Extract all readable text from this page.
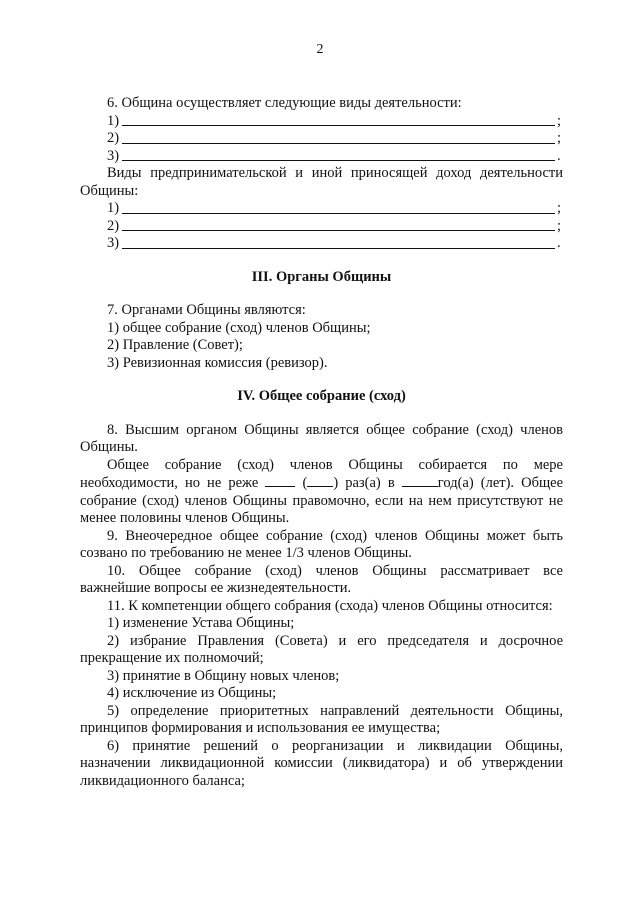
2

6. Община осуществляет следующие виды деятельности:

1)	;
2)	;
3)	.

Виды предпринимательской и иной приносящей доход деятельности Общины:

1)	;
2)	;
3)	.

III. Органы Общины

7. Органами Общины являются:

1) общее собрание (сход) членов Общины;

2) Правление (Совет);

3) Ревизионная комиссия (ревизор).

IV. Общее собрание (сход)

8. Высшим органом Общины является общее собрание (сход) членов Общины.

Общее собрание (сход) членов Общины собирается по мере необходимости, но не реже	( ) раз(а) в	год(а) (лет). Общее собрание (сход) членов Общины правомочно, если на нем присутствуют не менее половины членов Общины.

9. Внеочередное общее собрание (сход) членов Общины может быть созвано по требованию не менее 1/3 членов Общины.

10. Общее собрание (сход) членов Общины рассматривает все важнейшие вопросы ее жизнедеятельности.

11. К компетенции общего собрания (схода) членов Общины относится:

1) изменение Устава Общины;

2) избрание Правления (Совета) и его председателя и досрочное прекращение их полномочий;

3) принятие в Общину новых членов;

4) исключение из Общины;

5) определение приоритетных направлений деятельности Общины, принципов формирования и использования ее имущества;

6) принятие решений о реорганизации и ликвидации Общины, назначении ликвидационной комиссии (ликвидатора) и об утверждении ликвидационного баланса;
